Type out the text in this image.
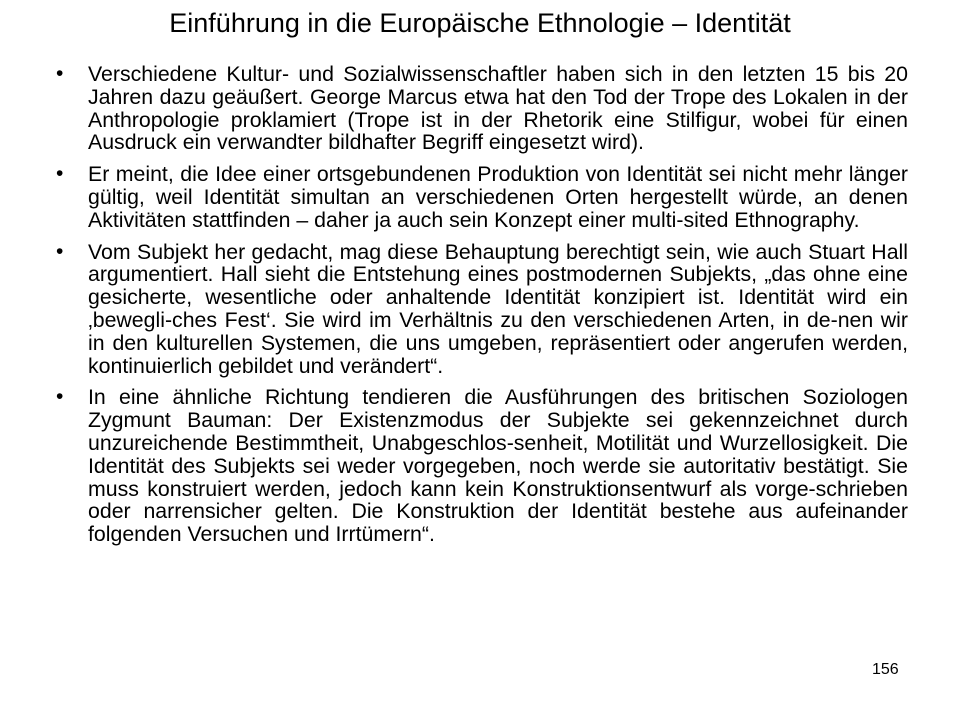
Einführung in die Europäische Ethnologie – Identität
• Verschiedene Kultur- und Sozialwissenschaftler haben sich in den letzten 15 bis 20 Jahren dazu geäußert. George Marcus etwa hat den Tod der Trope des Lokalen in der Anthropologie proklamiert (Trope ist in der Rhetorik eine Stilfigur, wobei für einen Ausdruck ein verwandter bildhafter Begriff eingesetzt wird).
• Er meint, die Idee einer ortsgebundenen Produktion von Identität sei nicht mehr länger gültig, weil Identität simultan an verschiedenen Orten hergestellt würde, an denen Aktivitäten stattfinden – daher ja auch sein Konzept einer multi-sited Ethnography.
• Vom Subjekt her gedacht, mag diese Behauptung berechtigt sein, wie auch Stuart Hall argumentiert. Hall sieht die Entstehung eines postmodernen Subjekts, „das ohne eine gesicherte, wesentliche oder anhaltende Identität konzipiert ist. Identität wird ein ‚bewegli-ches Fest‘. Sie wird im Verhältnis zu den verschiedenen Arten, in de-nen wir in den kulturellen Systemen, die uns umgeben, repräsentiert oder angerufen werden, kontinuierlich gebildet und verändert“.
• In eine ähnliche Richtung tendieren die Ausführungen des britischen Soziologen Zygmunt Bauman: Der Existenzmodus der Subjekte sei gekennzeichnet durch unzureichende Bestimmtheit, Unabgeschlos-senheit, Motilität und Wurzellosigkeit. Die Identität des Subjekts sei weder vorgegeben, noch werde sie autoritativ bestätigt. Sie muss konstruiert werden, jedoch kann kein Konstruktionsentwurf als vorge-schrieben oder narrensicher gelten. Die Konstruktion der Identität bestehe aus aufeinander folgenden Versuchen und Irrtümern“.
156
